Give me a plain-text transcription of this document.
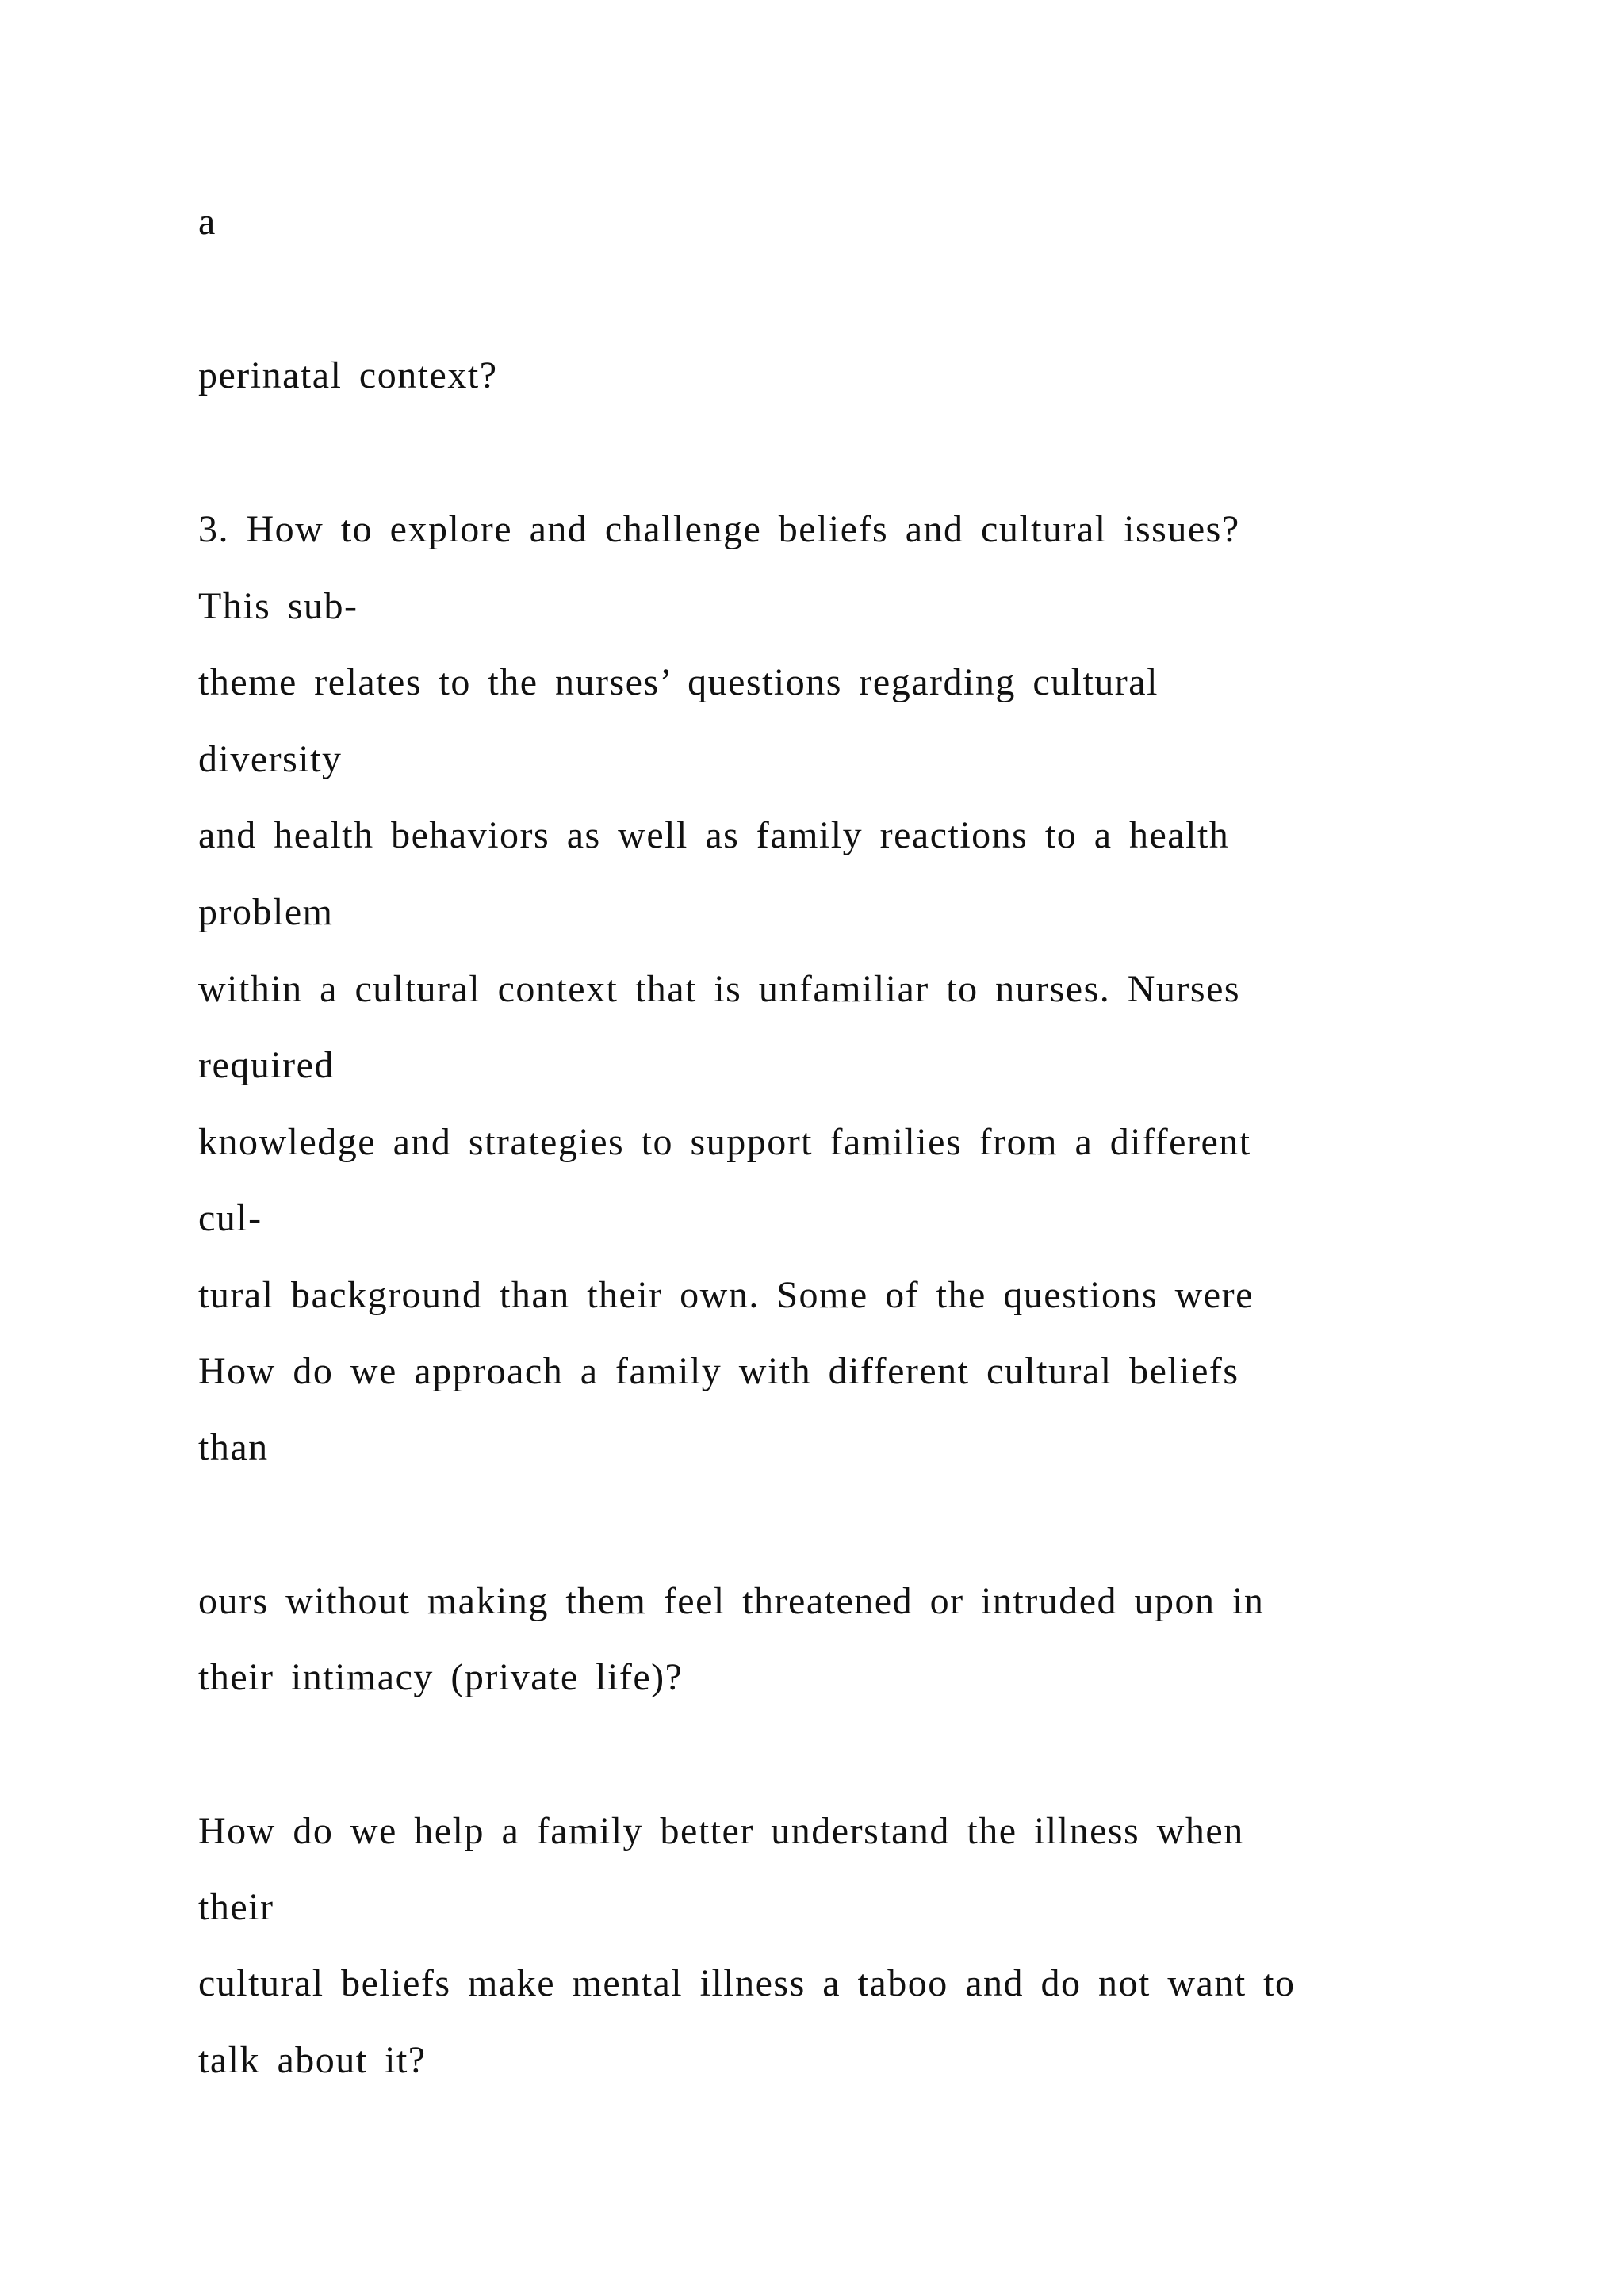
a

perinatal context?

3. How to explore and challenge beliefs and cultural issues?

This sub-

theme relates to the nurses’ questions regarding cultural

diversity

and health behaviors as well as family reactions to a health

problem

within a cultural context that is unfamiliar to nurses. Nurses

required

knowledge and strategies to support families from a different

cul-

tural background than their own. Some of the questions were

How do we approach a family with different cultural beliefs

than

ours without making them feel threatened or intruded upon in

their intimacy (private life)?

How do we help a family better understand the illness when

their

cultural beliefs make mental illness a taboo and do not want to

talk about it?
